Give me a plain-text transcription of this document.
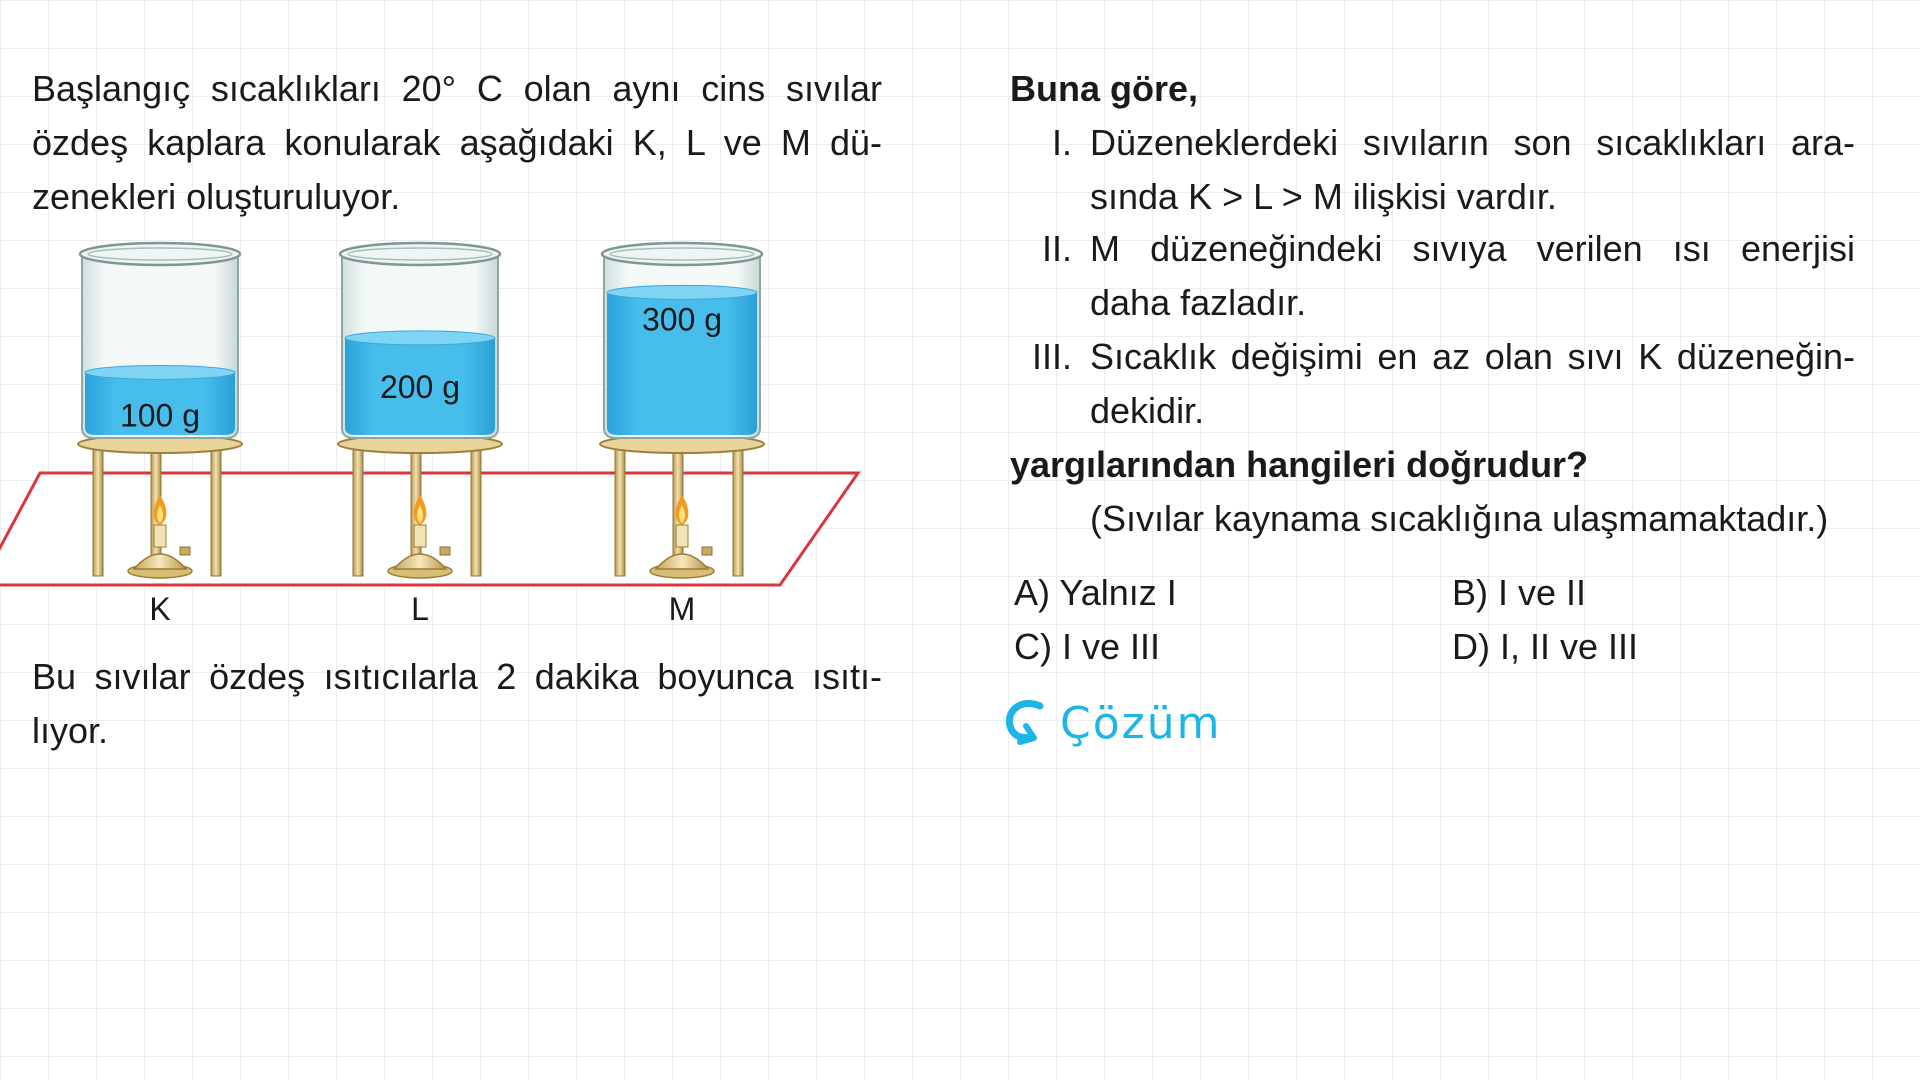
Başlangıç sıcaklıkları 20° C olan aynı cins sıvılar
özdeş kaplara konularak aşağıdaki K, L ve M dü-
zenekleri oluşturuluyor.
100 g
K
200 g
L
300 g
M
Bu sıvılar özdeş ısıtıcılarla 2 dakika boyunca ısıtı-
lıyor.
Buna göre,
I. Düzeneklerdeki sıvıların son sıcaklıkları ara-
sında K > L > M ilişkisi vardır.
II. M düzeneğindeki sıvıya verilen ısı enerjisi
daha fazladır.
III. Sıcaklık değişimi en az olan sıvı K düzeneğin-
dekidir.
yargılarından hangileri doğrudur?
(Sıvılar kaynama sıcaklığına ulaşmamaktadır.)
A) Yalnız I	B) I ve II
C) I ve III	D) I, II ve III
Çözüm
